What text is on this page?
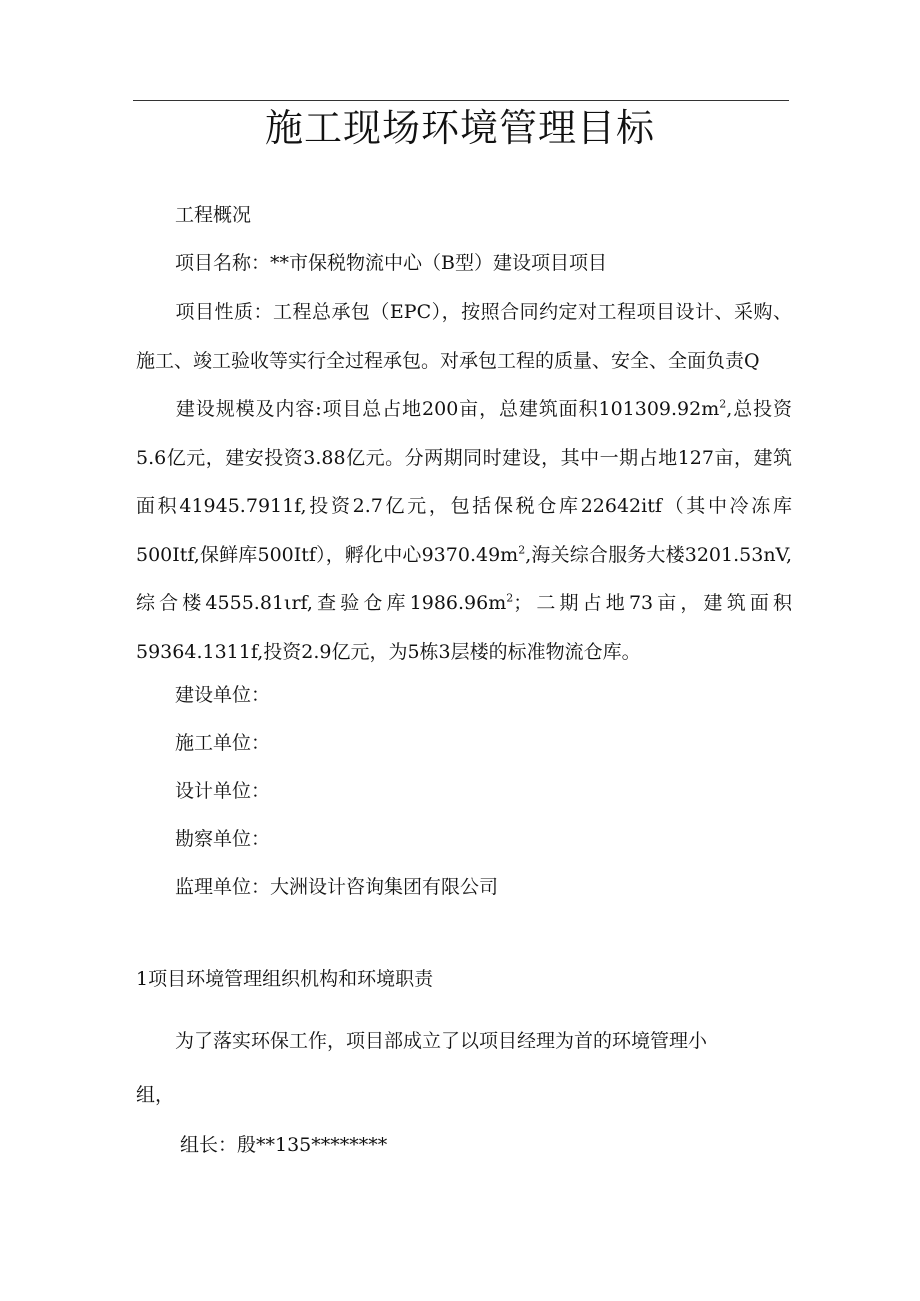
施工现场环境管理目标
工程概况
项目名称：**市保税物流中心（B型）建设项目项目
项目性质：工程总承包（EPC），按照合同约定对工程项目设计、采购、施工、竣工验收等实行全过程承包。对承包工程的质量、安全、全面负责Q
建设规模及内容:项目总占地200亩，总建筑面积$101309.92m^2$,总投资5.6亿元，建安投资3.88亿元。分两期同时建设，其中一期占地127亩，建筑面积41945.7911f,投资2.7亿元，包括保税仓库22642itf（其中冷冻库500Itf,保鲜库500Itf），孵化中心$9370.49m^2$,海关综合服务大楼3201.53nV,综合楼4555.81ιrf,查验仓库$1986.96m^2$；二期占地73亩，建筑面积59364.1311f,投资2.9亿元，为5栋3层楼的标准物流仓库。
建设单位：
施工单位：
设计单位：
勘察单位：
监理单位：大洲设计咨询集团有限公司
1项目环境管理组织机构和环境职责
为了落实环保工作，项目部成立了以项目经理为首的环境管理小
组，
组长：殷**135********
